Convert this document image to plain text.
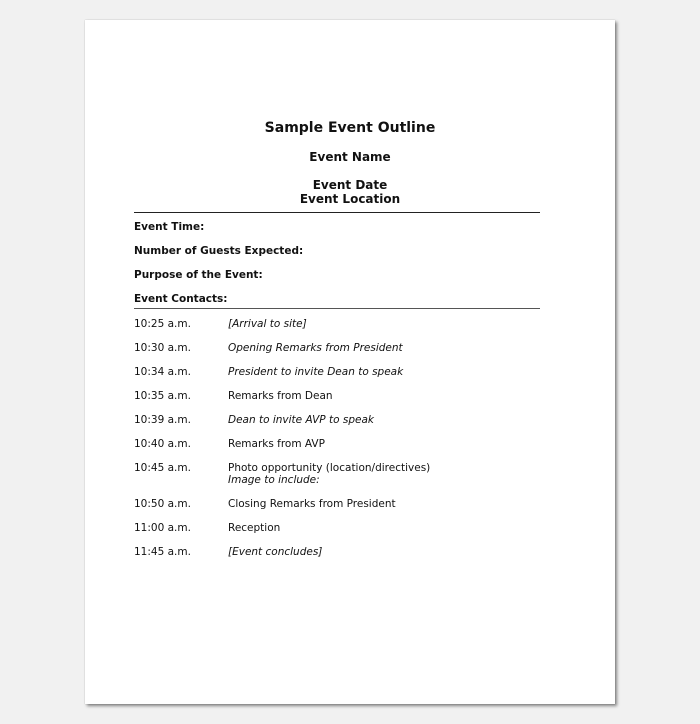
Sample Event Outline
Event Name
Event Date
Event Location
Event Time:
Number of Guests Expected:
Purpose of the Event:
Event Contacts:
10:25 a.m.	[Arrival to site]
10:30 a.m.	Opening Remarks from President
10:34 a.m.	President to invite Dean to speak
10:35 a.m.	Remarks from Dean
10:39 a.m.	Dean to invite AVP to speak
10:40 a.m.	Remarks from AVP
10:45 a.m.	Photo opportunity (location/directives)
Image to include:
10:50 a.m.	Closing Remarks from President
11:00 a.m.	Reception
11:45 a.m.	[Event concludes]
